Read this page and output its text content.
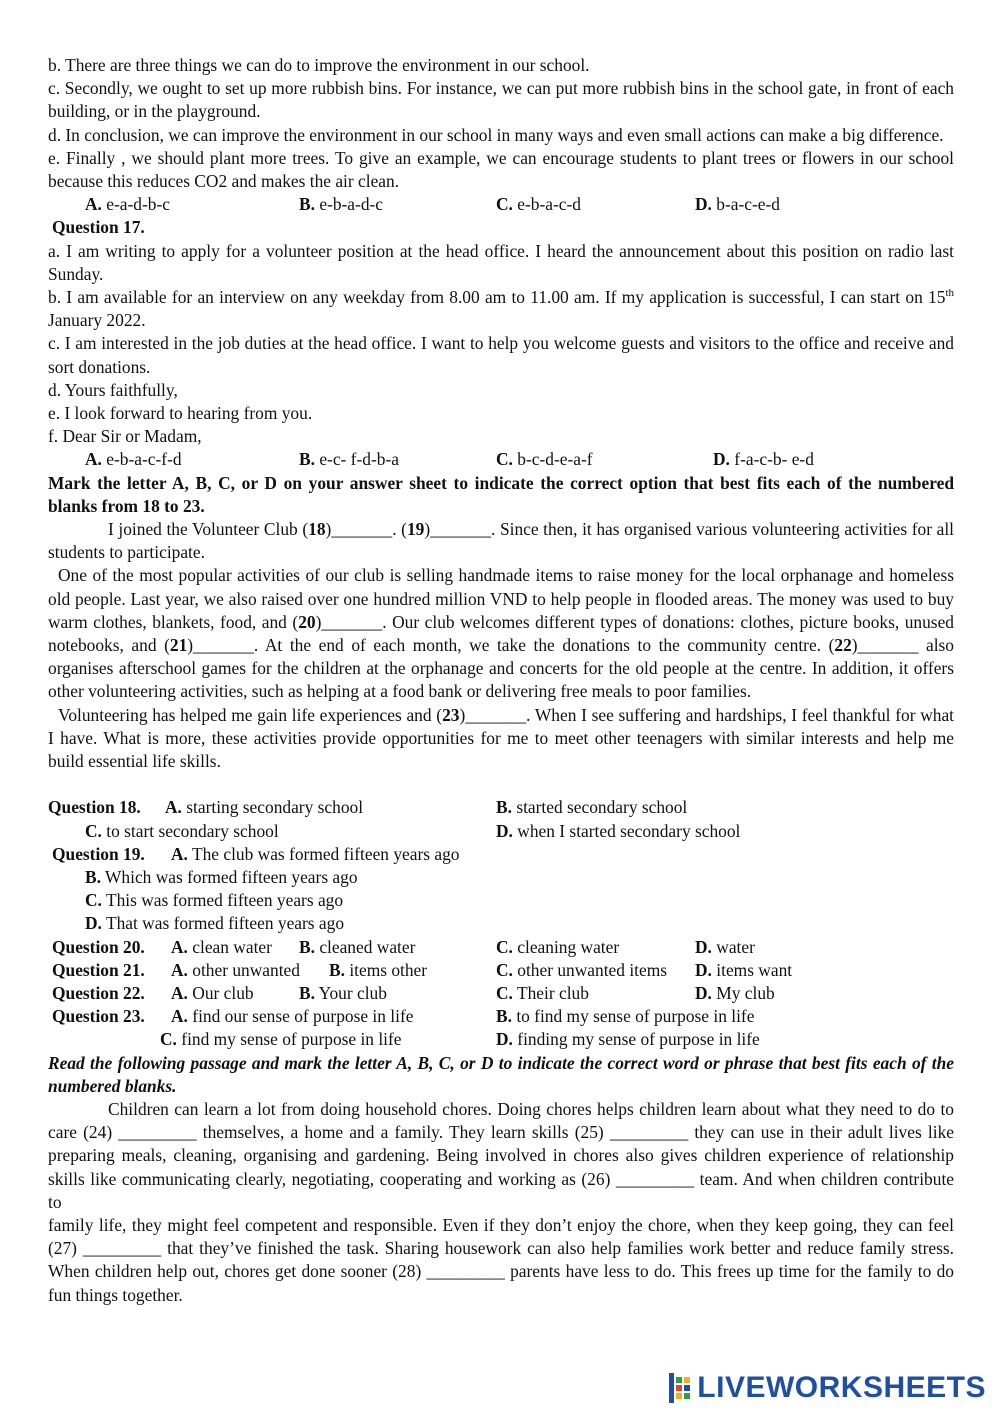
b. There are three things we can do to improve the environment in our school.

c. Secondly, we ought to set up more rubbish bins. For instance, we can put more rubbish bins in the school gate, in front of each building, or in the playground.

d. In conclusion, we can improve the environment in our school in many ways and even small actions can make a big difference.

e. Finally , we should plant more trees. To give an example, we can encourage students to plant trees or flowers in our school because this reduces CO2 and makes the air clean.

A. e-a-d-b-c	B. e-b-a-d-c	C. e-b-a-c-d	D. b-a-c-e-d

Question 17.

a. I am writing to apply for a volunteer position at the head office. I heard the announcement about this position on radio last Sunday.

b. I am available for an interview on any weekday from 8.00 am to 11.00 am. If my application is successful, I can start on 15th January 2022.

c. I am interested in the job duties at the head office. I want to help you welcome guests and visitors to the office and receive and sort donations.

d. Yours faithfully,

e. I look forward to hearing from you.

f. Dear Sir or Madam,

A. e-b-a-c-f-d	B. e-c- f-d-b-a	C. b-c-d-e-a-f	D. f-a-c-b- e-d

Mark the letter A, B, C, or D on your answer sheet to indicate the correct option that best fits each of the numbered blanks from 18 to 23.

I joined the Volunteer Club (18)_______. (19)_______. Since then, it has organised various volunteering activities for all students to participate.

One of the most popular activities of our club is selling handmade items to raise money for the local orphanage and homeless old people. Last year, we also raised over one hundred million VND to help people in flooded areas. The money was used to buy warm clothes, blankets, food, and (20)_______. Our club welcomes different types of donations: clothes, picture books, unused notebooks, and (21)_______. At the end of each month, we take the donations to the community centre. (22)_______ also organises afterschool games for the children at the orphanage and concerts for the old people at the centre. In addition, it offers other volunteering activities, such as helping at a food bank or delivering free meals to poor families.

Volunteering has helped me gain life experiences and (23)_______. When I see suffering and hardships, I feel thankful for what I have. What is more, these activities provide opportunities for me to meet other teenagers with similar interests and help me build essential life skills.

Question 18. A. starting secondary school	B. started secondary school
C. to start secondary school	D. when I started secondary school
Question 19. A. The club was formed fifteen years ago
B. Which was formed fifteen years ago
C. This was formed fifteen years ago
D. That was formed fifteen years ago
Question 20. A. clean water B. cleaned water	C. cleaning water	D. water
Question 21. A. other unwanted B. items other	C. other unwanted items D. items want
Question 22. A. Our club	B. Your club	C. Their club	D. My club
Question 23. A. find our sense of purpose in life	B. to find my sense of purpose in life
C. find my sense of purpose in life	D. finding my sense of purpose in life

Read the following passage and mark the letter A, B, C, or D to indicate the correct word or phrase that best fits each of the numbered blanks.

Children can learn a lot from doing household chores. Doing chores helps children learn about what they need to do to care (24) _________ themselves, a home and a family. They learn skills (25) _________ they can use in their adult lives like preparing meals, cleaning, organising and gardening. Being involved in chores also gives children experience of relationship skills like communicating clearly, negotiating, cooperating and working as (26) _________ team. And when children contribute to

family life, they might feel competent and responsible. Even if they don’t enjoy the chore, when they keep going, they can feel (27) _________ that they’ve finished the task. Sharing housework can also help families work better and reduce family stress. When children help out, chores get done sooner (28) _________ parents have less to do. This frees up time for the family to do fun things together.

LIVEWORKSHEETS
